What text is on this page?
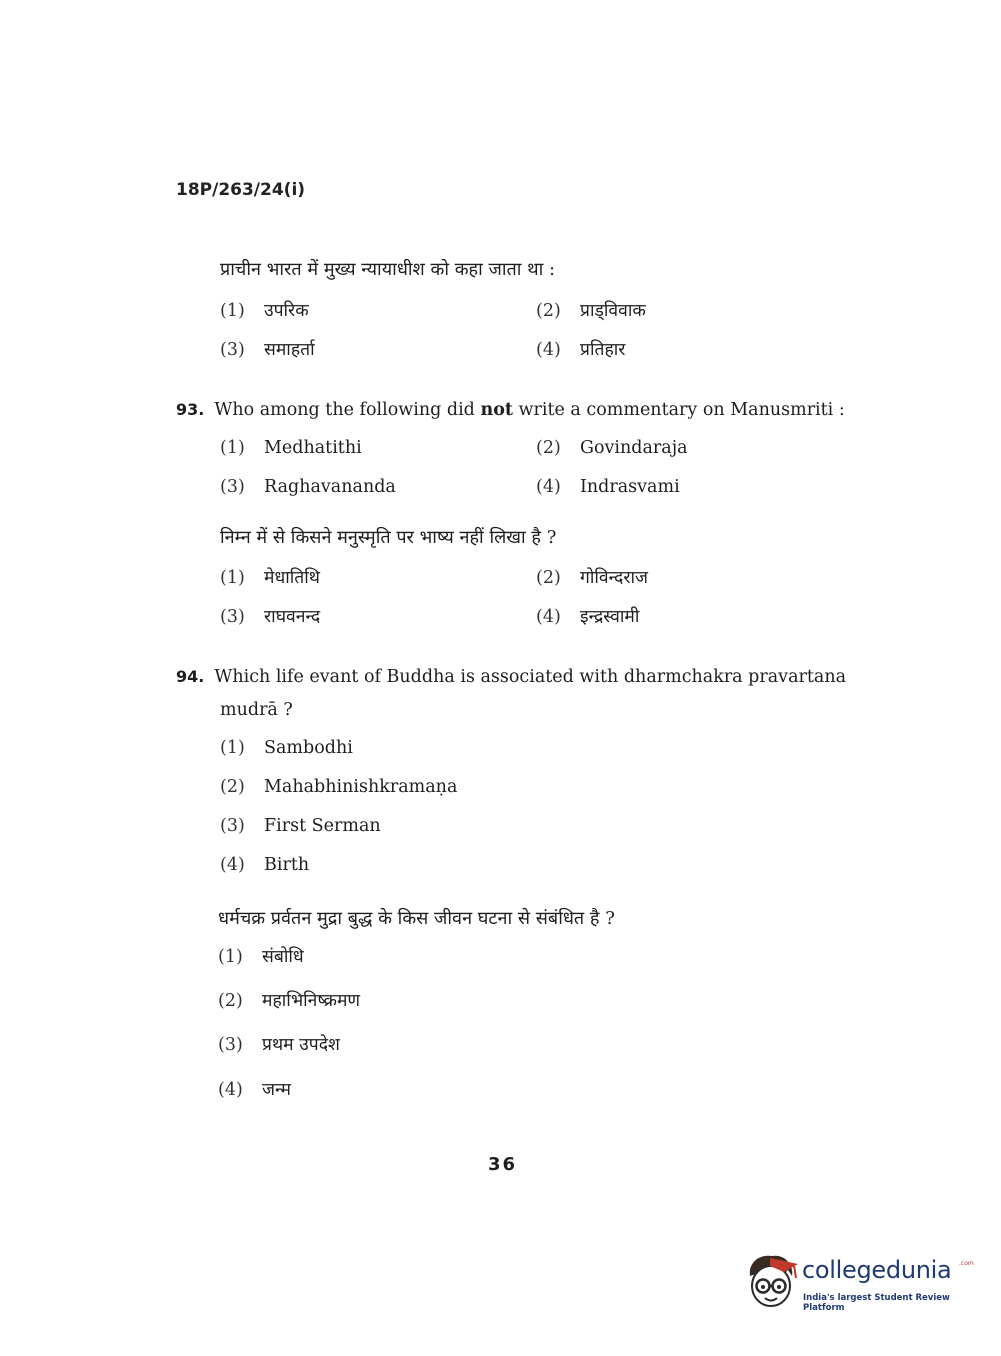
18P/263/24(i)
प्राचीन भारत में मुख्य न्यायाधीश को कहा जाता था :
(1) उपरिक	(2) प्राड्विवाक
(3) समाहर्ता	(4) प्रतिहार
93. Who among the following did not write a commentary on Manusmriti :
(1) Medhatithi	(2) Govindaraja
(3) Raghavananda	(4) Indrasvami
निम्न में से किसने मनुस्मृति पर भाष्य नहीं लिखा है ?
(1) मेधातिथि	(2) गोविन्दराज
(3) राघवनन्द	(4) इन्द्रस्वामी
94. Which life evant of Buddha is associated with dharmchakra pravartana
mudrā ?
(1) Sambodhi
(2) Mahabhinishkramaṇa
(3) First Serman
(4) Birth
धर्मचक्र प्रर्वतन मुद्रा बुद्ध के किस जीवन घटना से संबंधित है ?
(1) संबोधि
(2) महाभिनिष्क्रमण
(3) प्रथम उपदेश
(4) जन्म
36
collegedunia .com
India's largest Student Review Platform
